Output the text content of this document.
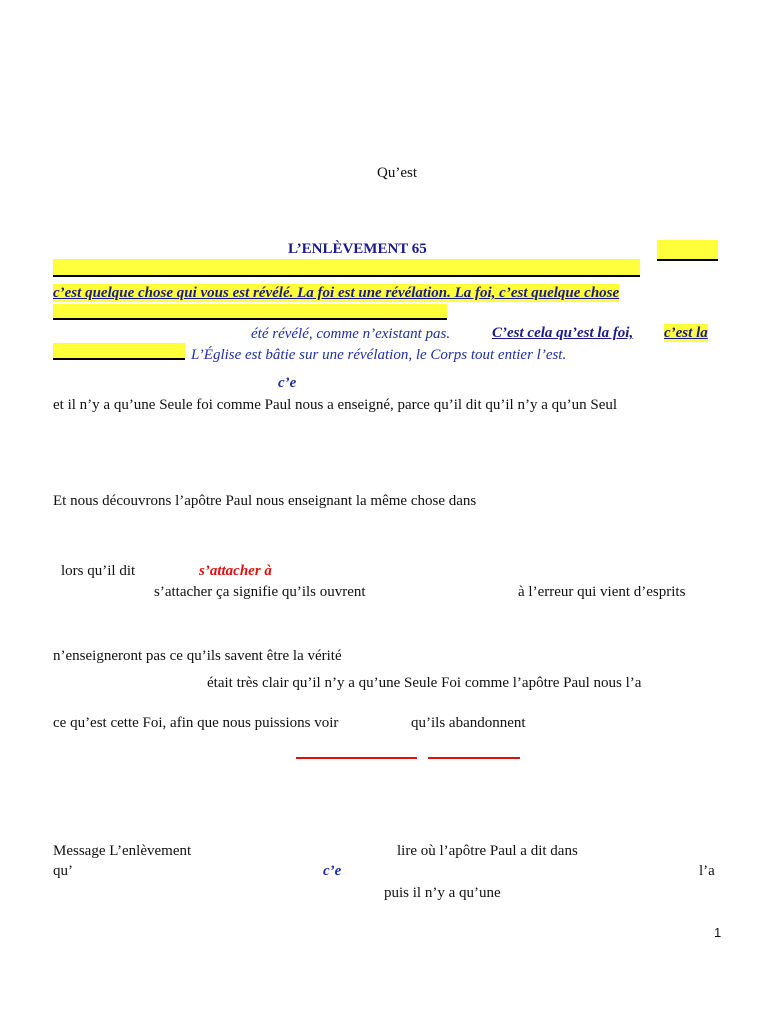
Qu’est
L’ENLÈVEMENT 65
c’est quelque chose qui vous est révélé. La foi est une révélation. La foi, c’est quelque chose
été révélé, comme n’existant pas.	C’est cela qu’est la foi, c’est la
L’Église est bâtie sur une révélation, le Corps tout entier l’est.
c’e
et il n’y a qu’une Seule foi comme Paul nous a enseigné, parce qu’il dit qu’il n’y a qu’un Seul
Et nous découvrons l’apôtre Paul nous enseignant la même chose dans
lors qu’il dit	s’attacher à
s’attacher ça signifie qu’ils ouvrent	à l’erreur qui vient d’esprits
n’enseigneront pas ce qu’ils savent être la vérité
était très clair qu’il n’y a qu’une Seule Foi comme l’apôtre Paul nous l’a
ce qu’est cette Foi, afin que nous puissions voir	qu’ils abandonnent
Message L’enlèvement	lire où l’apôtre Paul a dit dans
qu’	c’e	l’a
puis il n’y a qu’une
1
